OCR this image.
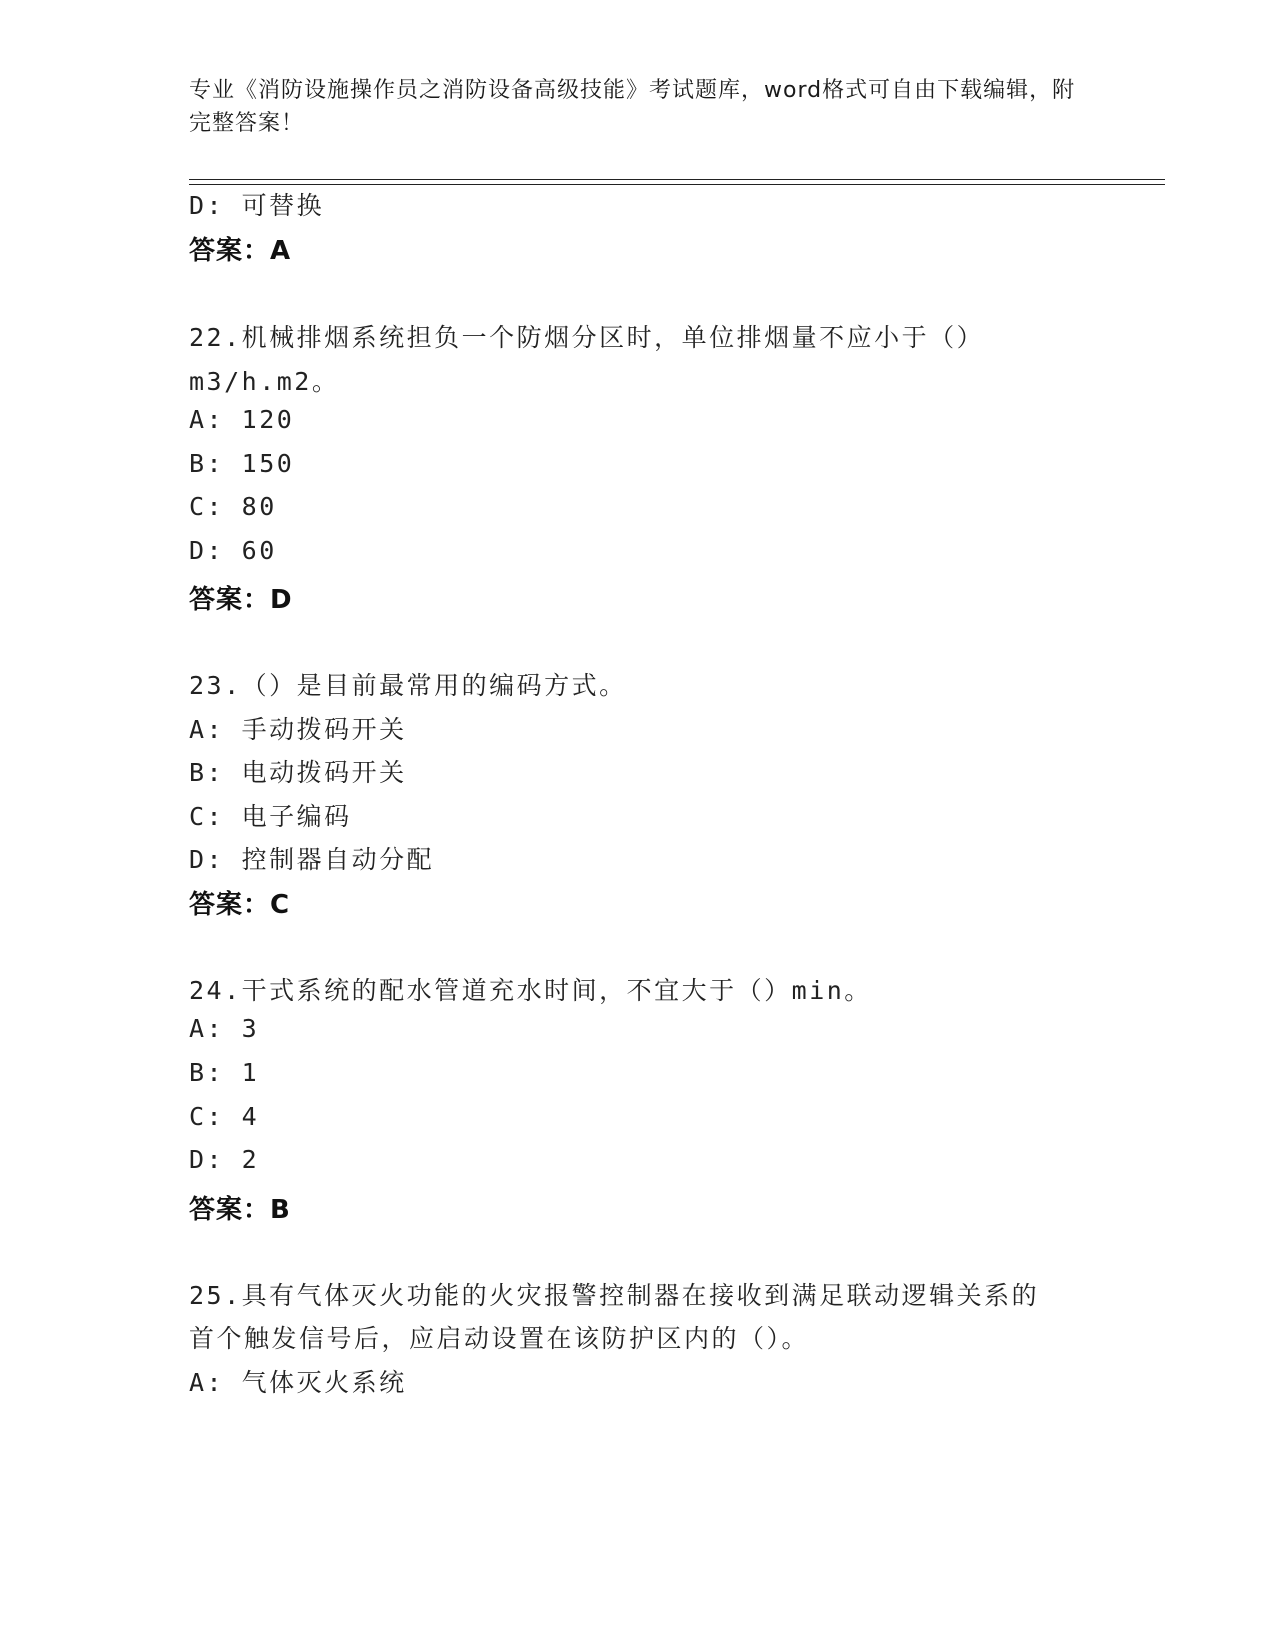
专业《消防设施操作员之消防设备高级技能》考试题库，word格式可自由下载编辑，附完整答案！
D: 可替换
答案：A
22.机械排烟系统担负一个防烟分区时，单位排烟量不应小于（）
m3/h.m2。
A: 120
B: 150
C: 80
D: 60
答案：D
23.（）是目前最常用的编码方式。
A: 手动拨码开关
B: 电动拨码开关
C: 电子编码
D: 控制器自动分配
答案：C
24.干式系统的配水管道充水时间，不宜大于（）min。
A: 3
B: 1
C: 4
D: 2
答案：B
25.具有气体灭火功能的火灾报警控制器在接收到满足联动逻辑关系的
首个触发信号后，应启动设置在该防护区内的（）。
A: 气体灭火系统
